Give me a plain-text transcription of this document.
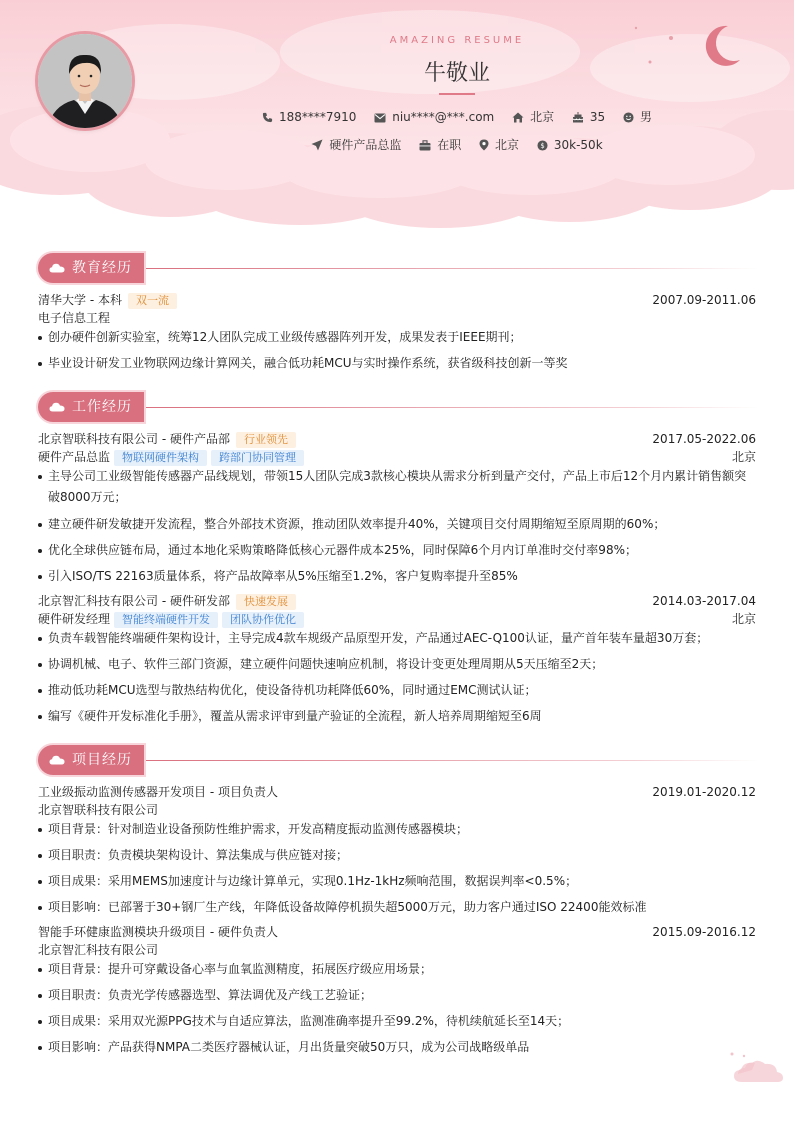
AMAZING RESUME
牛敬业
188****7910	niu****@***.com	北京	35	男
硬件产品总监	在职	北京	$ 30k-50k
教育经历
清华大学 - 本科 双一流	2007.09-2011.06
电子信息工程
创办硬件创新实验室，统筹12人团队完成工业级传感器阵列开发，成果发表于IEEE期刊；
毕业设计研发工业物联网边缘计算网关，融合低功耗MCU与实时操作系统，获省级科技创新一等奖
工作经历
北京智联科技有限公司 - 硬件产品部 行业领先	2017.05-2022.06
硬件产品总监 物联网硬件架构 跨部门协同管理	北京
主导公司工业级智能传感器产品线规划，带领15人团队完成3款核心模块从需求分析到量产交付，产品上市后12个月内累计销售额突破8000万元；
建立硬件研发敏捷开发流程，整合外部技术资源，推动团队效率提升40%，关键项目交付周期缩短至原周期的60%；
优化全球供应链布局，通过本地化采购策略降低核心元器件成本25%，同时保障6个月内订单准时交付率98%；
引入ISO/TS 22163质量体系，将产品故障率从5%压缩至1.2%，客户复购率提升至85%
北京智汇科技有限公司 - 硬件研发部 快速发展	2014.03-2017.04
硬件研发经理 智能终端硬件开发 团队协作优化	北京
负责车载智能终端硬件架构设计，主导完成4款车规级产品原型开发，产品通过AEC-Q100认证，量产首年装车量超30万套；
协调机械、电子、软件三部门资源，建立硬件问题快速响应机制，将设计变更处理周期从5天压缩至2天；
推动低功耗MCU选型与散热结构优化，使设备待机功耗降低60%，同时通过EMC测试认证；
编写《硬件开发标准化手册》，覆盖从需求评审到量产验证的全流程，新人培养周期缩短至6周
项目经历
工业级振动监测传感器开发项目 - 项目负责人	2019.01-2020.12
北京智联科技有限公司
项目背景：针对制造业设备预防性维护需求，开发高精度振动监测传感器模块；
项目职责：负责模块架构设计、算法集成与供应链对接；
项目成果：采用MEMS加速度计与边缘计算单元，实现0.1Hz-1kHz频响范围，数据误判率<0.5%；
项目影响：已部署于30+钢厂生产线，年降低设备故障停机损失超5000万元，助力客户通过ISO 22400能效标准
智能手环健康监测模块升级项目 - 硬件负责人	2015.09-2016.12
北京智汇科技有限公司
项目背景：提升可穿戴设备心率与血氧监测精度，拓展医疗级应用场景；
项目职责：负责光学传感器选型、算法调优及产线工艺验证；
项目成果：采用双光源PPG技术与自适应算法，监测准确率提升至99.2%，待机续航延长至14天；
项目影响：产品获得NMPA二类医疗器械认证，月出货量突破50万只，成为公司战略级单品
